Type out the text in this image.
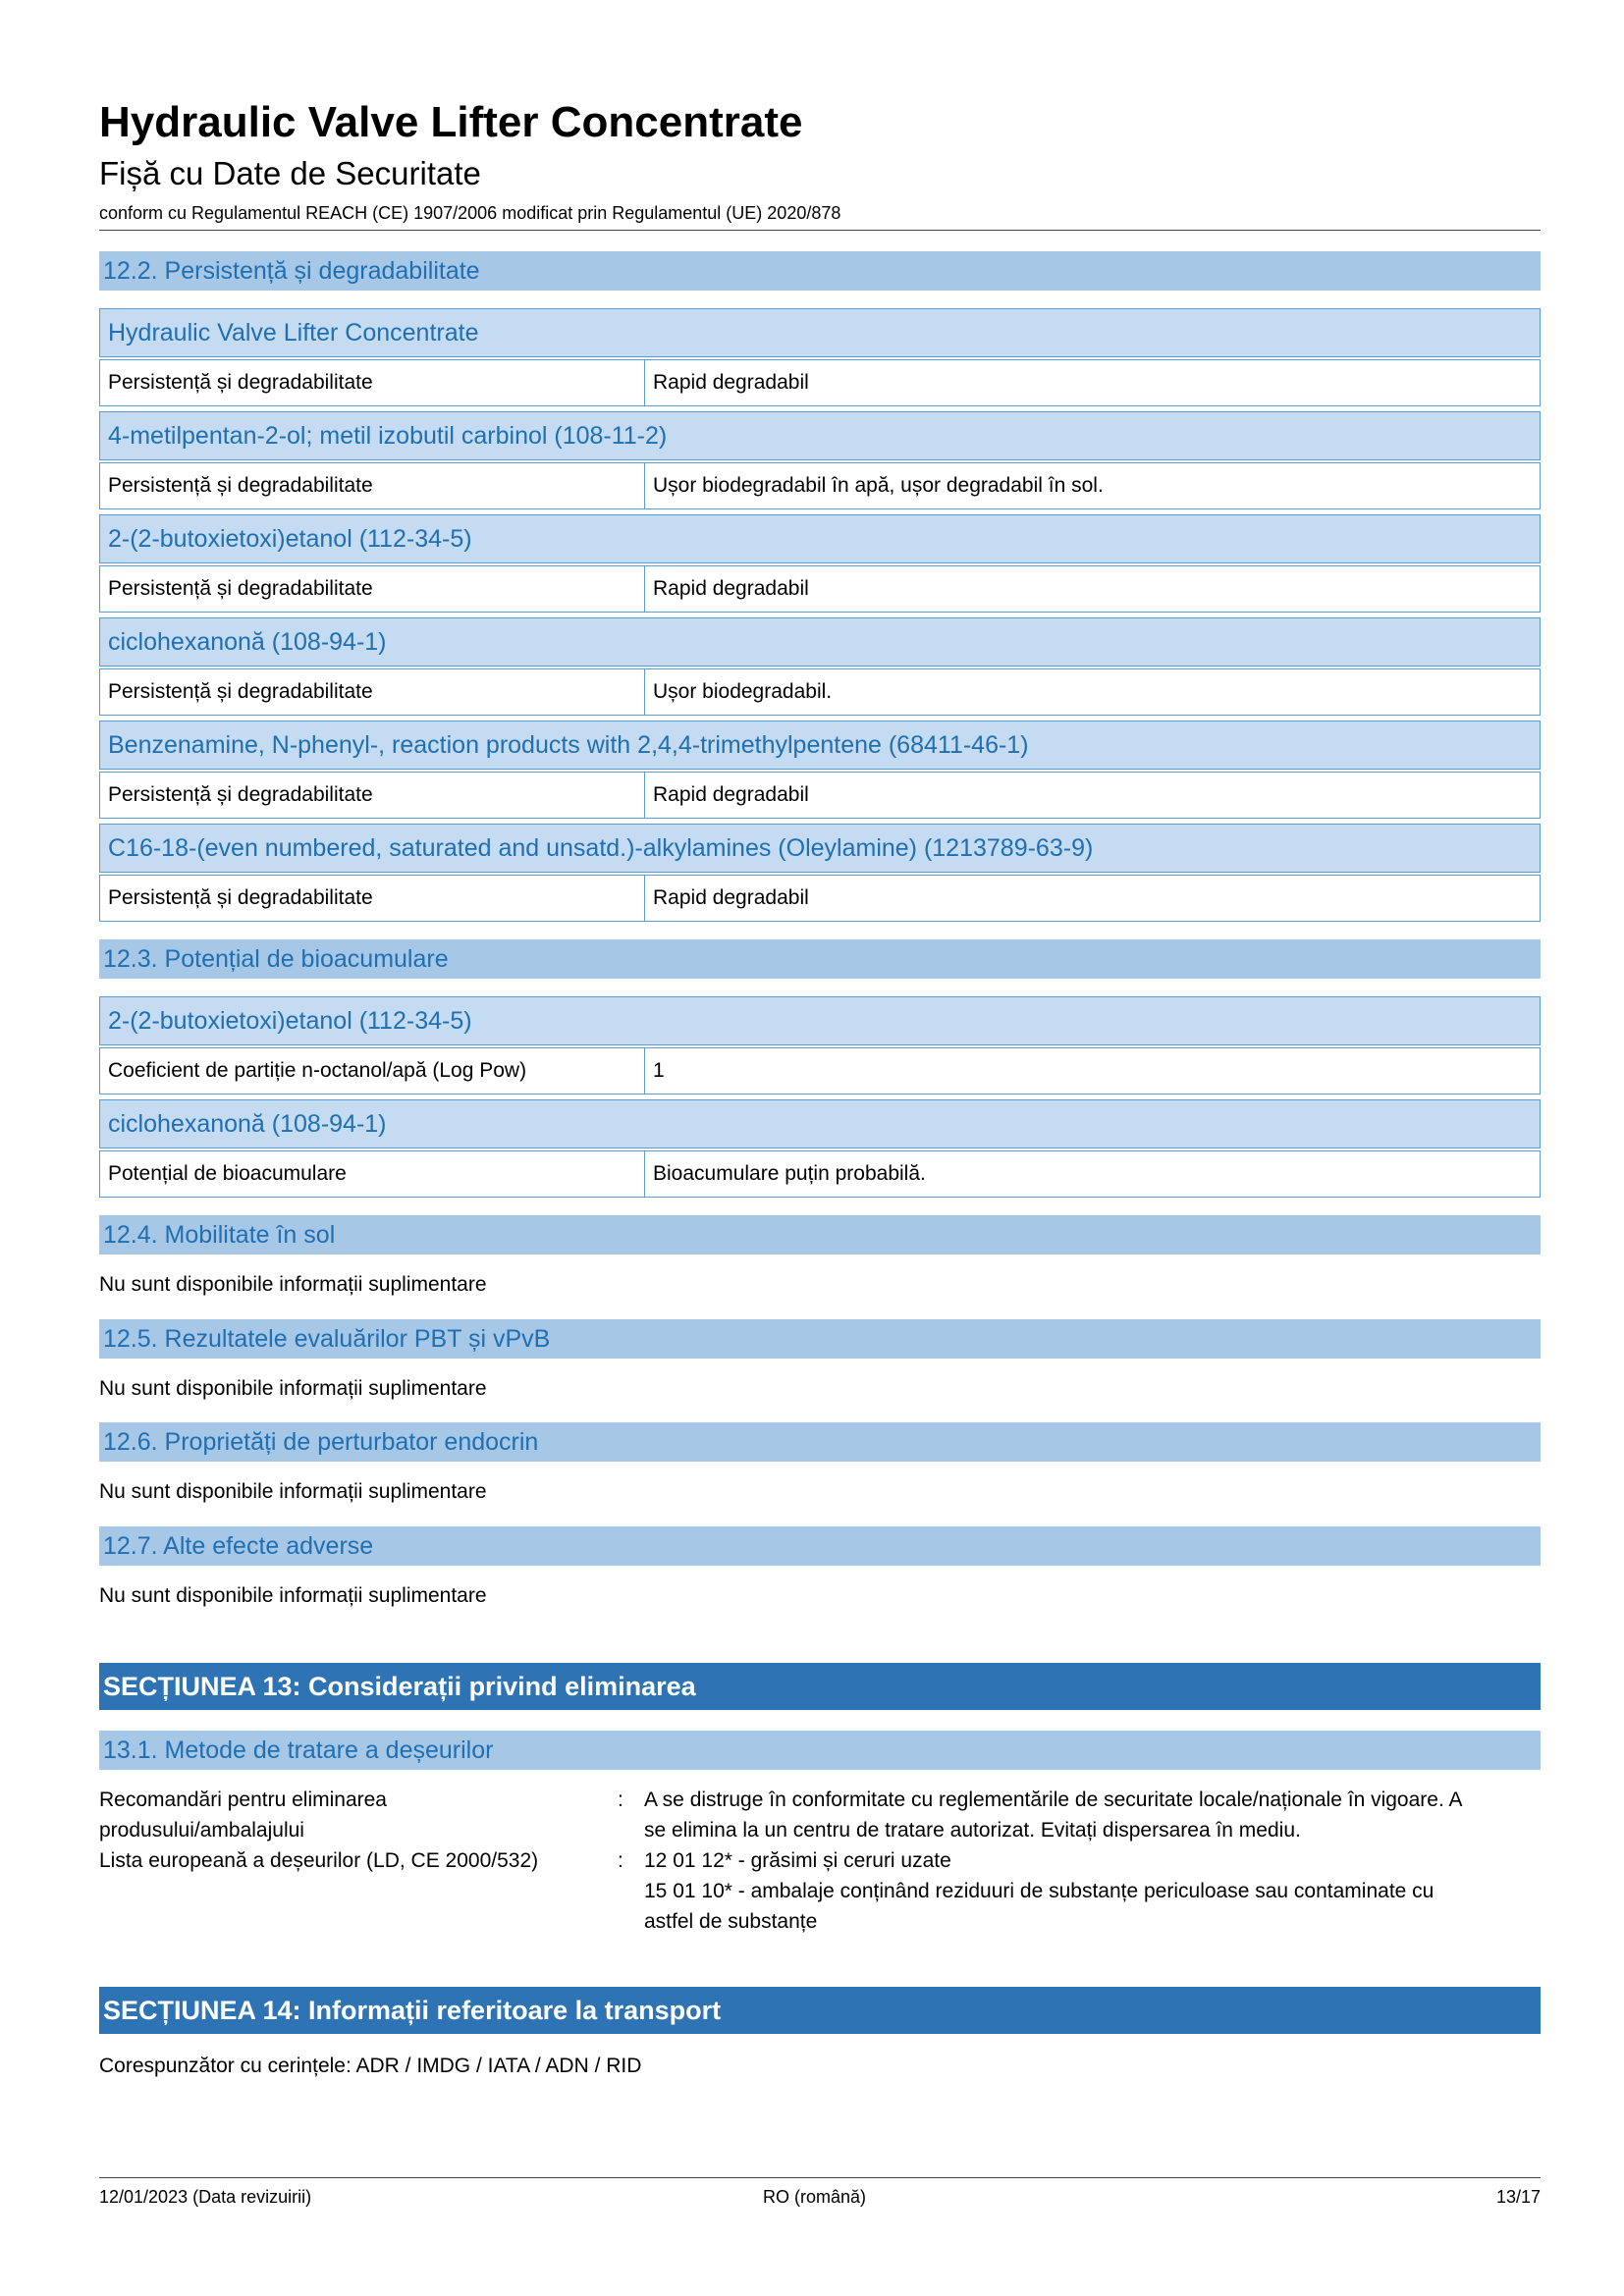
Hydraulic Valve Lifter Concentrate
Fișă cu Date de Securitate
conform cu Regulamentul REACH (CE) 1907/2006 modificat prin Regulamentul (UE) 2020/878
12.2. Persistență și degradabilitate
Hydraulic Valve Lifter Concentrate
Persistență și degradabilitate	Rapid degradabil
4-metilpentan-2-ol; metil izobutil carbinol (108-11-2)
Persistență și degradabilitate	Ușor biodegradabil în apă, ușor degradabil în sol.
2-(2-butoxietoxi)etanol (112-34-5)
Persistență și degradabilitate	Rapid degradabil
ciclohexanonă (108-94-1)
Persistență și degradabilitate	Ușor biodegradabil.
Benzenamine, N-phenyl-, reaction products with 2,4,4-trimethylpentene (68411-46-1)
Persistență și degradabilitate	Rapid degradabil
C16-18-(even numbered, saturated and unsatd.)-alkylamines (Oleylamine) (1213789-63-9)
Persistență și degradabilitate	Rapid degradabil
12.3. Potențial de bioacumulare
2-(2-butoxietoxi)etanol (112-34-5)
Coeficient de partiție n-octanol/apă (Log Pow)	1
ciclohexanonă (108-94-1)
Potențial de bioacumulare	Bioacumulare puțin probabilă.
12.4. Mobilitate în sol
Nu sunt disponibile informații suplimentare
12.5. Rezultatele evaluărilor PBT și vPvB
Nu sunt disponibile informații suplimentare
12.6. Proprietăți de perturbator endocrin
Nu sunt disponibile informații suplimentare
12.7. Alte efecte adverse
Nu sunt disponibile informații suplimentare
SECȚIUNEA 13: Considerații privind eliminarea
13.1. Metode de tratare a deșeurilor
Recomandări pentru eliminarea	:	A se distruge în conformitate cu reglementările de securitate locale/naționale în vigoare. A
produsului/ambalajului	se elimina la un centru de tratare autorizat. Evitați dispersarea în mediu.
Lista europeană a deșeurilor (LD, CE 2000/532)	:	12 01 12* - grăsimi și ceruri uzate
15 01 10* - ambalaje conținând reziduuri de substanțe periculoase sau contaminate cu
astfel de substanțe
SECȚIUNEA 14: Informații referitoare la transport
Corespunzător cu cerințele: ADR / IMDG / IATA / ADN / RID
12/01/2023 (Data revizuirii)	RO (română)	13/17
